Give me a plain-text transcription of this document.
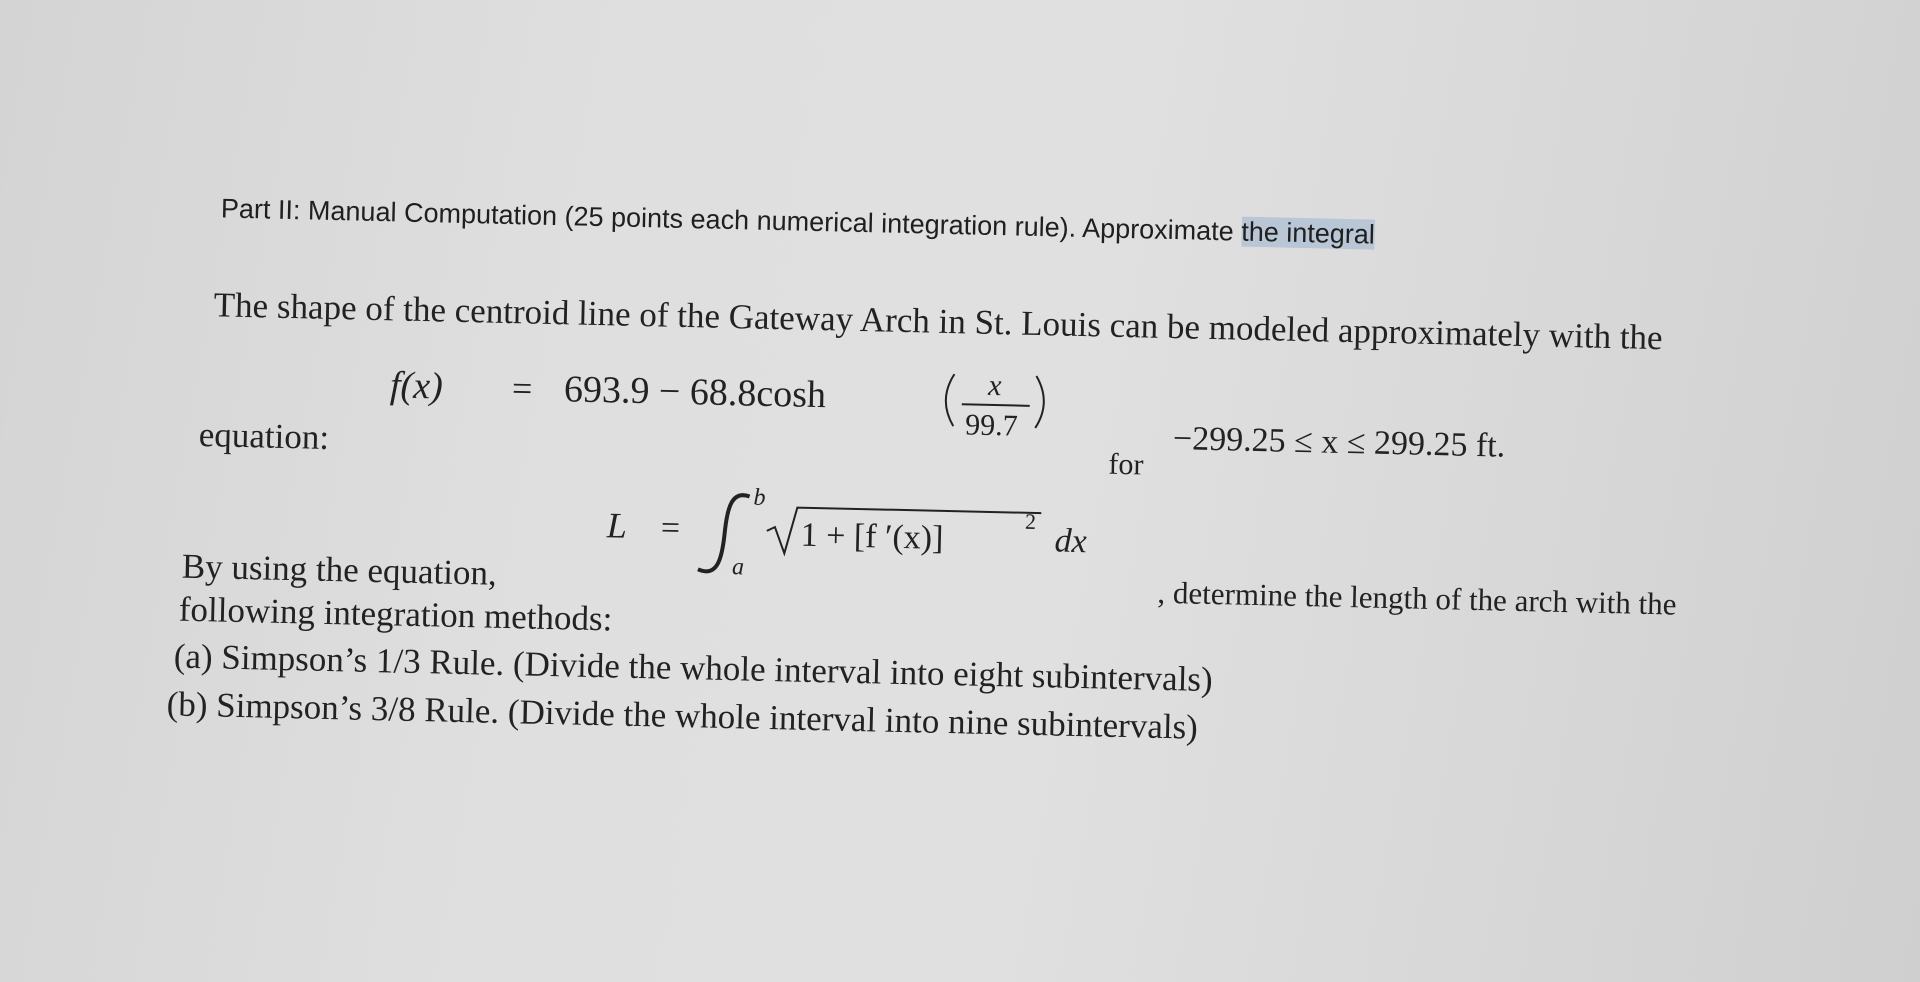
Part II: Manual Computation (25 points each numerical integration rule). Approximate the integral
The shape of the centroid line of the Gateway Arch in St. Louis can be modeled approximately with the
equation:
f(x) = 693.9 − 68.8cosh	x
99.7
for −299.25 ≤ x ≤ 299.25 ft.
L =
b
a
1 + [f ′(x)]	2
dx
By using the equation,
, determine the length of the arch with the
following integration methods:
(a) Simpson’s 1/3 Rule. (Divide the whole interval into eight subintervals)
(b) Simpson’s 3/8 Rule. (Divide the whole interval into nine subintervals)
